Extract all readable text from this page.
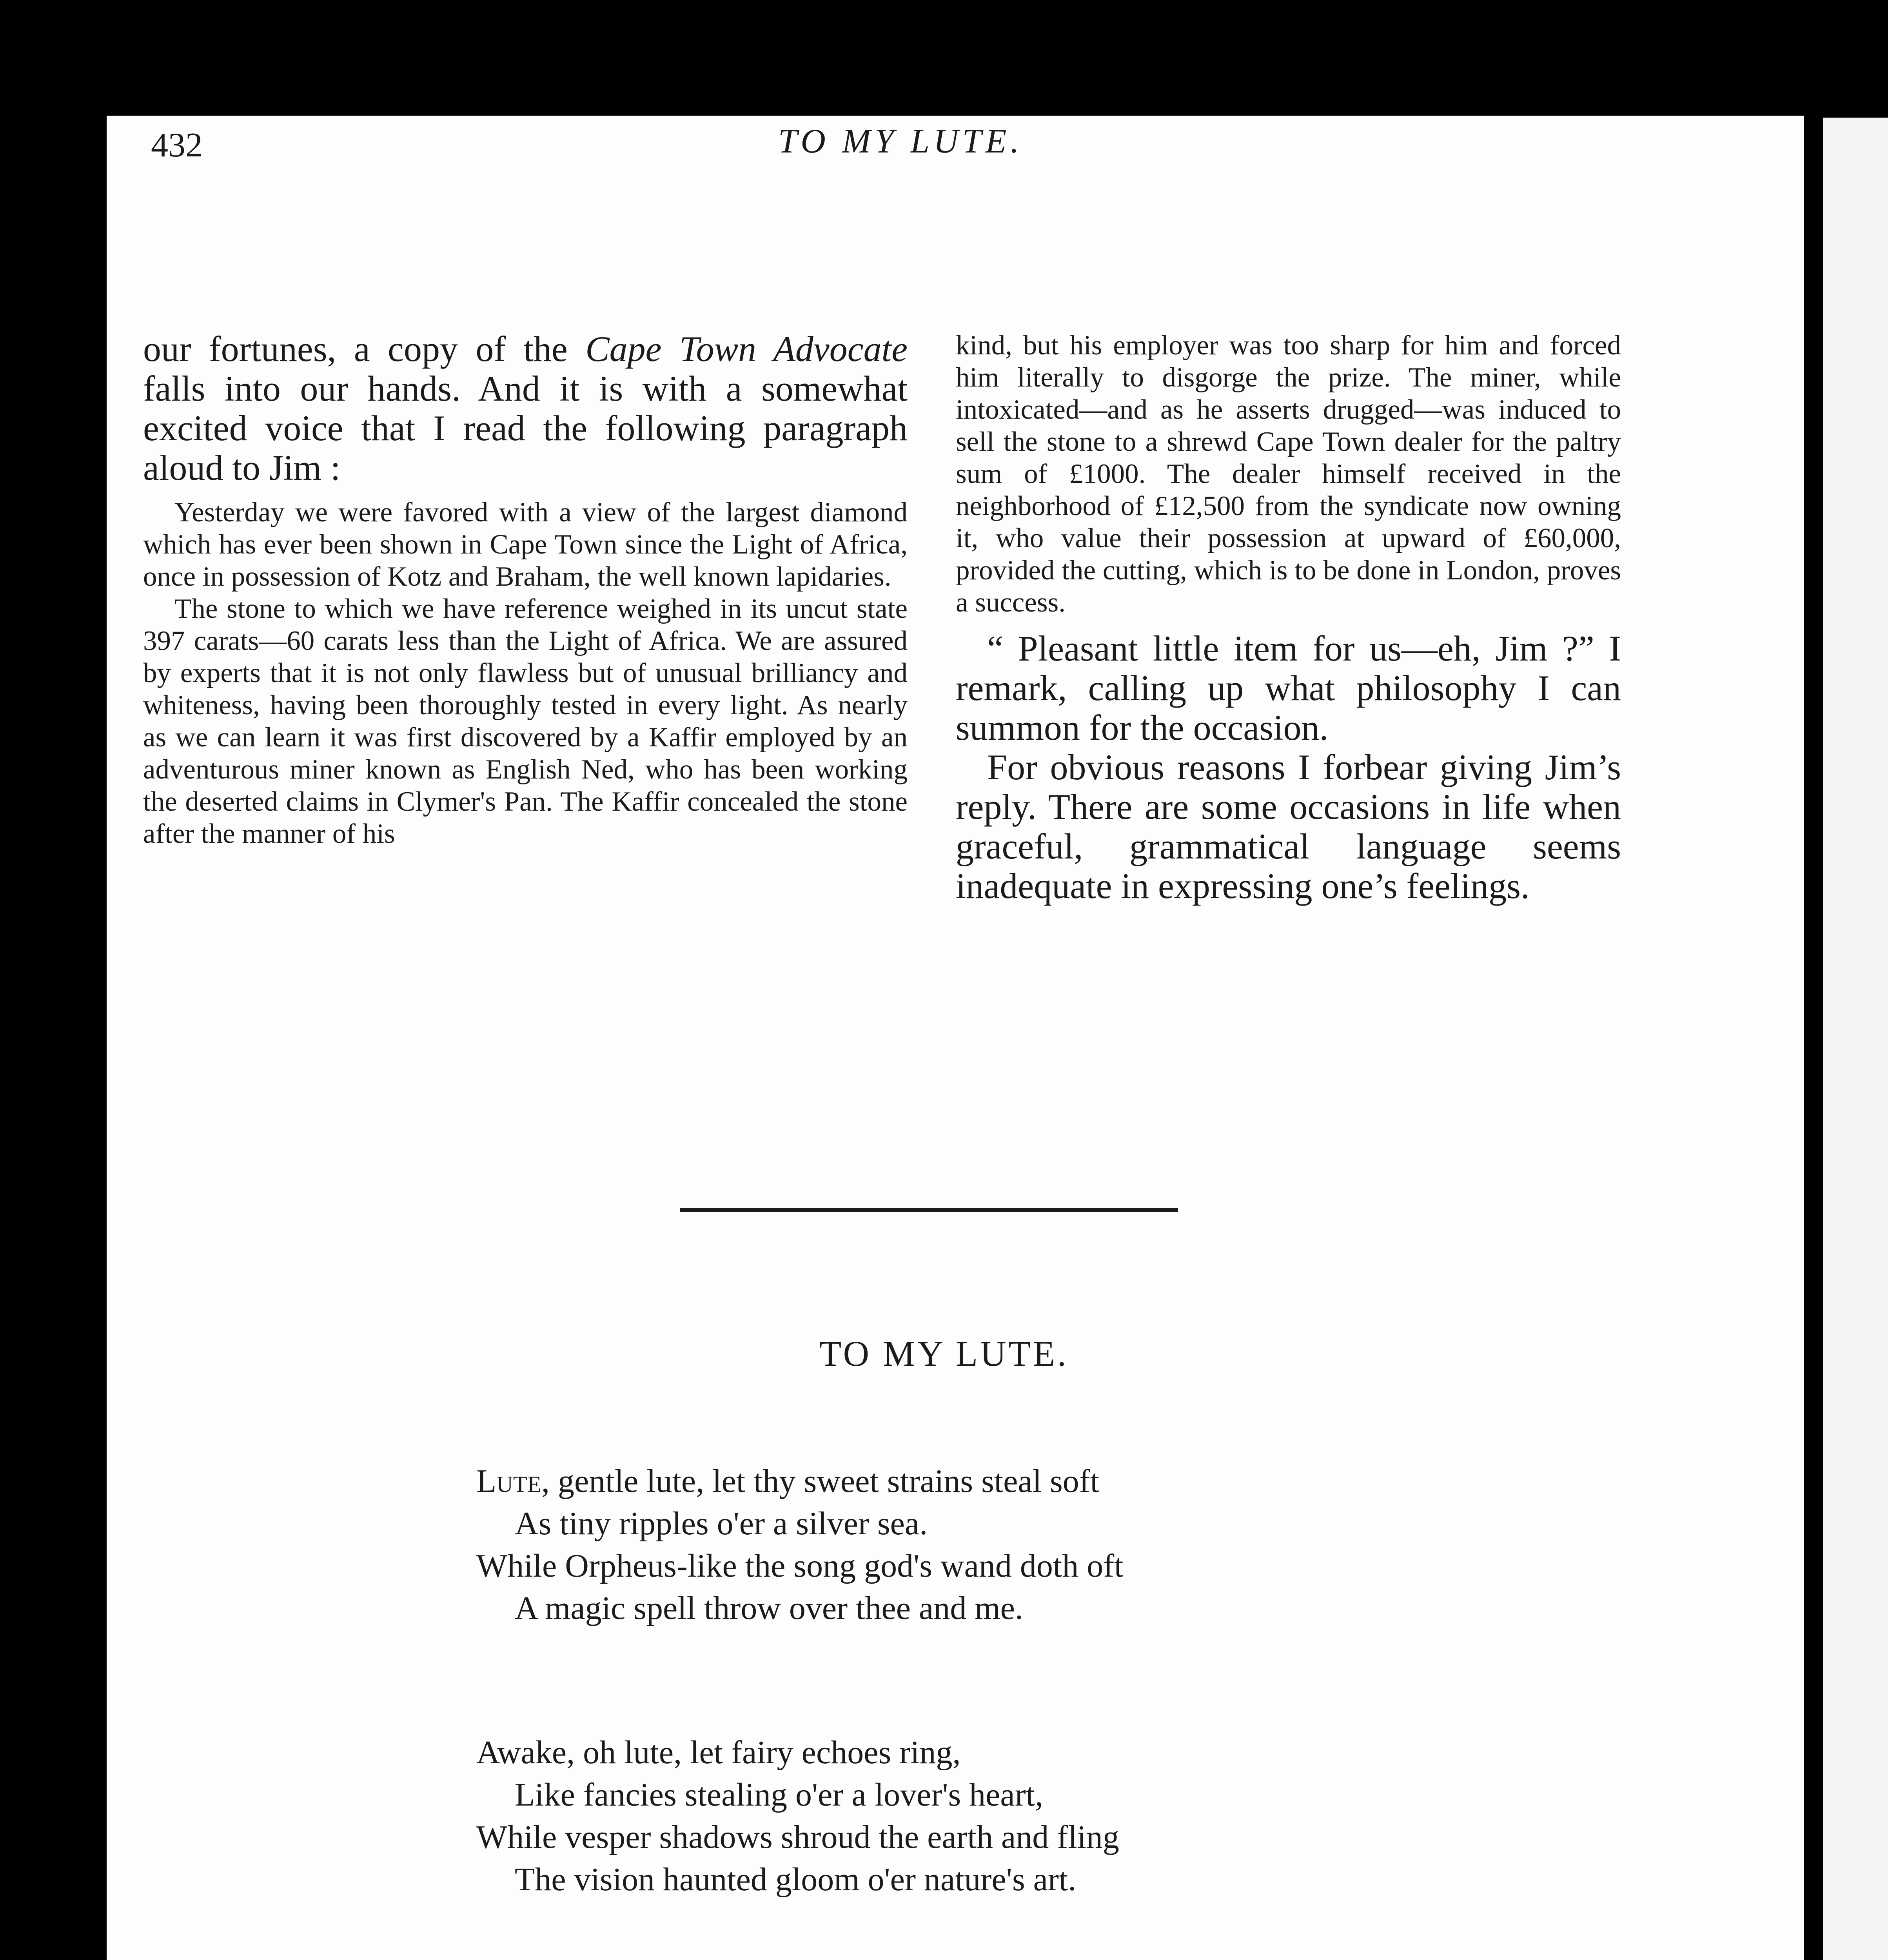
432	TO MY LUTE.

our fortunes, a copy of the Cape Town Advocate falls into our hands. And it is with a somewhat excited voice that I read the following paragraph aloud to Jim :

Yesterday we were favored with a view of the largest diamond which has ever been shown in Cape Town since the Light of Africa, once in possession of Kotz and Braham, the well known lapidaries.

The stone to which we have reference weighed in its uncut state 397 carats—60 carats less than the Light of Africa. We are assured by experts that it is not only flawless but of unusual brilliancy and whiteness, having been thoroughly tested in every light. As nearly as we can learn it was first discovered by a Kaffir employed by an adventurous miner known as English Ned, who has been working the deserted claims in Clymer's Pan. The Kaffir concealed the stone after the manner of his

kind, but his employer was too sharp for him and forced him literally to disgorge the prize. The miner, while intoxicated—and as he asserts drugged—was induced to sell the stone to a shrewd Cape Town dealer for the paltry sum of £1000. The dealer himself received in the neighborhood of £12,500 from the syndicate now owning it, who value their possession at upward of £60,000, provided the cutting, which is to be done in London, proves a success.

“ Pleasant little item for us—eh, Jim ?” I remark, calling up what philosophy I can summon for the occasion.

For obvious reasons I forbear giving Jim’s reply. There are some occasions in life when graceful, grammatical language seems inadequate in expressing one’s feelings.

TO MY LUTE.
Lute, gentle lute, let thy sweet strains steal soft
As tiny ripples o'er a silver sea.
While Orpheus-like the song god's wand doth oft
A magic spell throw over thee and me.
Awake, oh lute, let fairy echoes ring,
Like fancies stealing o'er a lover's heart,
While vesper shadows shroud the earth and fling
The vision haunted gloom o'er nature's art.
